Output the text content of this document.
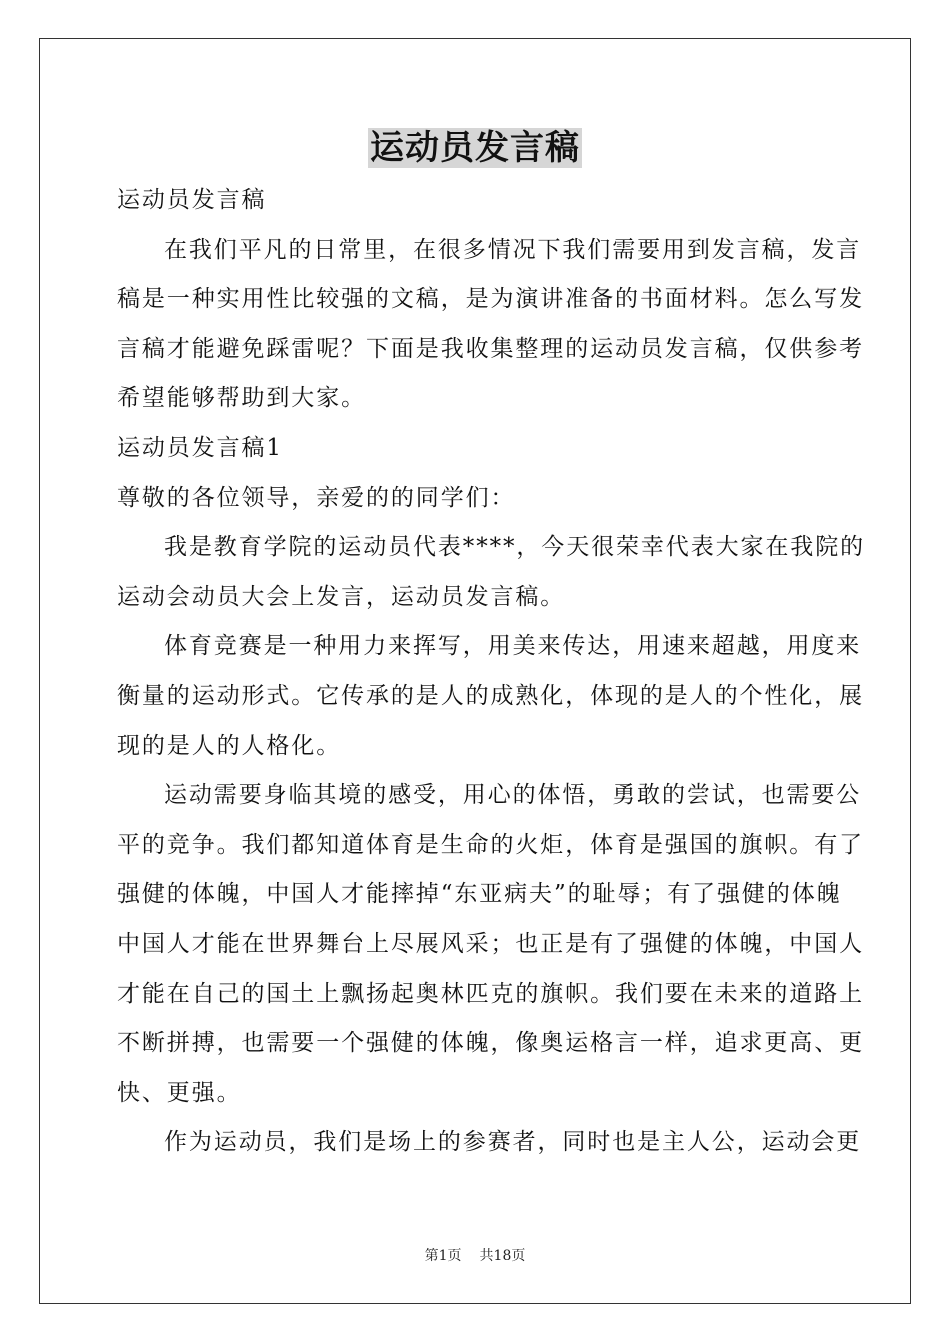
运动员发言稿
运动员发言稿
在我们平凡的日常里，在很多情况下我们需要用到发言稿，发言
稿是一种实用性比较强的文稿，是为演讲准备的书面材料。怎么写发
言稿才能避免踩雷呢？下面是我收集整理的运动员发言稿，仅供参考
希望能够帮助到大家。
运动员发言稿1
尊敬的各位领导，亲爱的的同学们：
我是教育学院的运动员代表****，今天很荣幸代表大家在我院的
运动会动员大会上发言，运动员发言稿。
体育竞赛是一种用力来挥写，用美来传达，用速来超越，用度来
衡量的运动形式。它传承的是人的成熟化，体现的是人的个性化，展
现的是人的人格化。
运动需要身临其境的感受，用心的体悟，勇敢的尝试，也需要公
平的竞争。我们都知道体育是生命的火炬，体育是强国的旗帜。有了
强健的体魄，中国人才能摔掉“东亚病夫”的耻辱；有了强健的体魄
中国人才能在世界舞台上尽展风采；也正是有了强健的体魄，中国人
才能在自己的国土上飘扬起奥林匹克的旗帜。我们要在未来的道路上
不断拼搏，也需要一个强健的体魄，像奥运格言一样，追求更高、更
快、更强。
作为运动员，我们是场上的参赛者，同时也是主人公，运动会更
第1页 共18页
